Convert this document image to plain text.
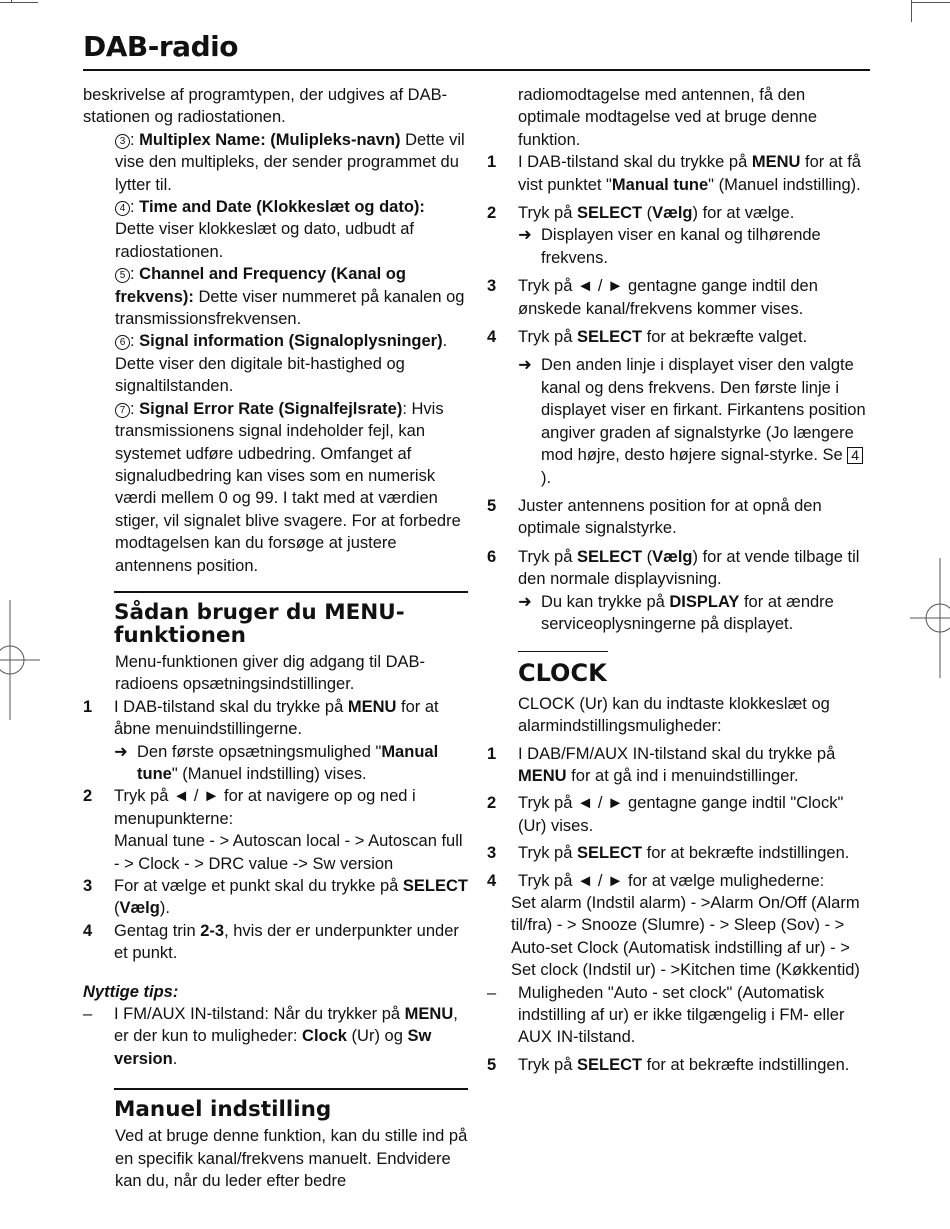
DAB-radio

beskrivelse af programtypen, der udgives af DAB-stationen og radiostationen.

3 : Multiplex Name: (Mulipleks-navn) Dette vil vise den multipleks, der sender programmet du lytter til.
4 : Time and Date (Klokkeslæt og dato): Dette viser klokkeslæt og dato, udbudt af radiostationen.
5 : Channel and Frequency (Kanal og frekvens): Dette viser nummeret på kanalen og transmissionsfrekvensen.
6 : Signal information (Signaloplysninger). Dette viser den digitale bit-hastighed og signaltilstanden.
7 : Signal Error Rate (Signalfejlsrate): Hvis transmissionens signal indeholder fejl, kan systemet udføre udbedring. Omfanget af signaludbedring kan vises som en numerisk værdi mellem 0 og 99. I takt med at værdien stiger, vil signalet blive svagere. For at forbedre modtagelsen kan du forsøge at justere antennens position.
Sådan bruger du MENU-funktionen

Menu-funktionen giver dig adgang til DAB-radioens opsætningsindstillinger.

1 I DAB-tilstand skal du trykke på MENU for at åbne menuindstillingerne.
➜ Den første opsætningsmulighed "Manual tune" (Manuel indstilling) vises.
2 Tryk på ◄ / ► for at navigere op og ned i menupunkterne:
Manual tune - > Autoscan local - > Autoscan full - > Clock - > DRC value -> Sw version
3 For at vælge et punkt skal du trykke på SELECT (Vælg).
4 Gentag trin 2-3, hvis der er underpunkter under et punkt.
Nyttige tips:
– I FM/AUX IN-tilstand: Når du trykker på MENU, er der kun to muligheder: Clock (Ur) og Sw version.
Manuel indstilling

Ved at bruge denne funktion, kan du stille ind på en specifik kanal/frekvens manuelt. Endvidere kan du, når du leder efter bedre

radiomodtagelse med antennen, få den optimale modtagelse ved at bruge denne funktion.

1 I DAB-tilstand skal du trykke på MENU for at få vist punktet "Manual tune" (Manuel indstilling).
2 Tryk på SELECT (Vælg) for at vælge.
➜ Displayen viser en kanal og tilhørende frekvens.
3 Tryk på ◄ / ► gentagne gange indtil den ønskede kanal/frekvens kommer vises.
4 Tryk på SELECT for at bekræfte valget.
➜ Den anden linje i displayet viser den valgte kanal og dens frekvens. Den første linje i displayet viser en firkant. Firkantens position angiver graden af signalstyrke (Jo længere mod højre, desto højere signal-styrke. Se 4).
5 Juster antennens position for at opnå den optimale signalstyrke.
6 Tryk på SELECT (Vælg) for at vende tilbage til den normale displayvisning.
➜ Du kan trykke på DISPLAY for at ændre serviceoplysningerne på displayet.
CLOCK

CLOCK (Ur) kan du indtaste klokkeslæt og alarmindstillingsmuligheder:

1 I DAB/FM/AUX IN-tilstand skal du trykke på MENU for at gå ind i menuindstillinger.
2 Tryk på ◄ / ► gentagne gange indtil "Clock" (Ur) vises.
3 Tryk på SELECT for at bekræfte indstillingen.
4 Tryk på ◄ / ► for at vælge mulighederne:
Set alarm (Indstil alarm) - >Alarm On/Off (Alarm til/fra) - > Snooze (Slumre) - > Sleep (Sov) - > Auto-set Clock (Automatisk indstilling af ur) - > Set clock (Indstil ur) - >Kitchen time (Køkkentid)
– Muligheden "Auto - set clock" (Automatisk indstilling af ur) er ikke tilgængelig i FM- eller AUX IN-tilstand.
5 Tryk på SELECT for at bekræfte indstillingen.
